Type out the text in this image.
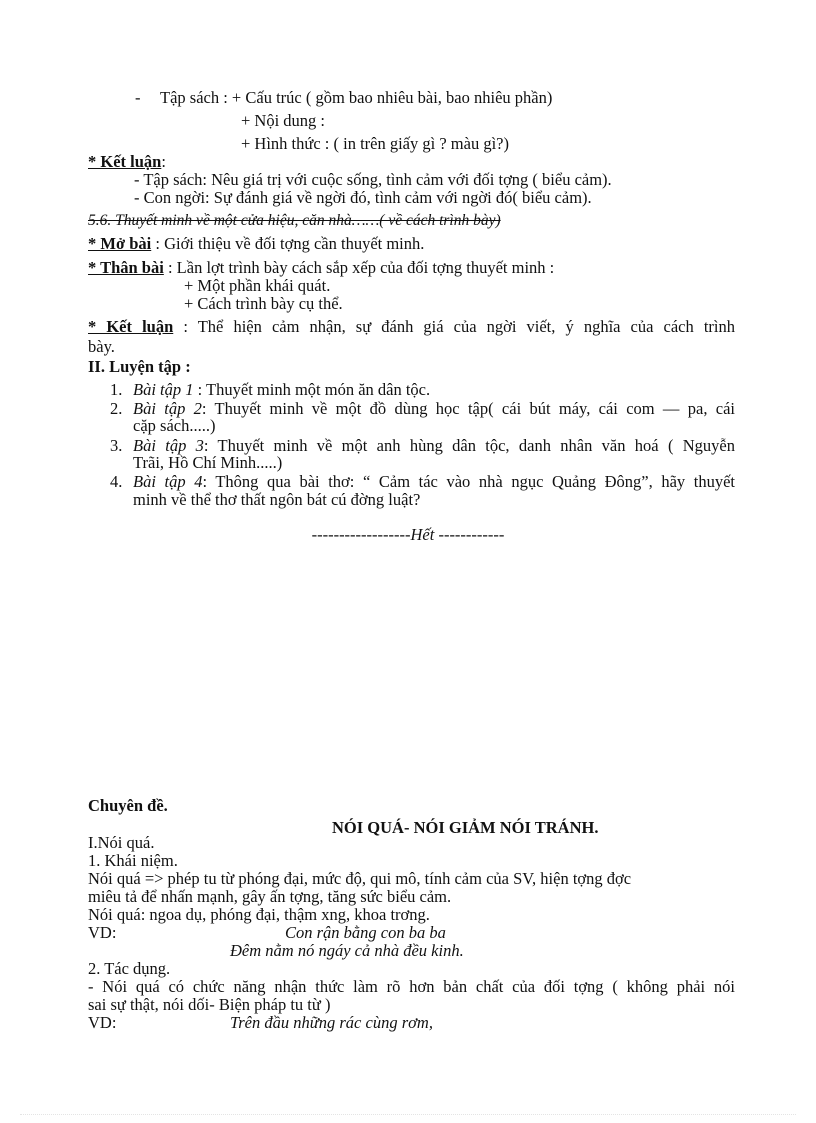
- Tập sách : + Cấu trúc ( gồm bao nhiêu bài, bao nhiêu phần)
+ Nội dung :
+ Hình thức : ( in trên giấy gì ? màu gì?)
* Kết luận:
- Tập sách: Nêu giá trị với cuộc sống, tình cảm với đối tợng ( biểu cảm).
- Con ngời: Sự đánh giá về ngời đó, tình cảm với ngời đó( biểu cảm).
5.6. Thuyết minh về một cửa hiệu, căn nhà……( về cách trình bày)
* Mở bài : Giới thiệu về đối tợng cần thuyết minh.
* Thân bài : Lần lợt trình bày cách sắp xếp của đối tợng thuyết minh :
+ Một phần khái quát.
+ Cách trình bày cụ thể.
* Kết luận : Thể hiện cảm nhận, sự đánh giá của ngời viết, ý nghĩa của cách trình
bày.
II. Luyện tập :
1. Bài tập 1 : Thuyết minh một món ăn dân tộc.
2. Bài tập 2: Thuyết minh về một đồ dùng học tập( cái bút máy, cái com — pa, cái
cặp sách.....)
3. Bài tập 3: Thuyết minh về một anh hùng dân tộc, danh nhân văn hoá ( Nguyễn
Trãi, Hồ Chí Minh.....)
4. Bài tập 4: Thông qua bài thơ: “ Cảm tác vào nhà ngục Quảng Đông”, hãy thuyết
minh về thể thơ thất ngôn bát cú đờng luật?
------------------Hết ------------
Chuyên đề.
NÓI QUÁ- NÓI GIẢM NÓI TRÁNH.
I.Nói quá.
1. Khái niệm.
Nói quá => phép tu từ phóng đại, mức độ, qui mô, tính cảm của SV, hiện tợng đợc
miêu tả để nhấn mạnh, gây ấn tợng, tăng sức biểu cảm.
Nói quá: ngoa dụ, phóng đại, thậm xng, khoa trơng.
VD:	Con rận bằng con ba ba
Đêm nằm nó ngáy cả nhà đều kinh.
2. Tác dụng.
- Nói quá có chức năng nhận thức làm rõ hơn bản chất của đối tợng ( không phải nói
sai sự thật, nói dối- Biện pháp tu từ )
VD:	Trên đầu những rác cùng rơm,
